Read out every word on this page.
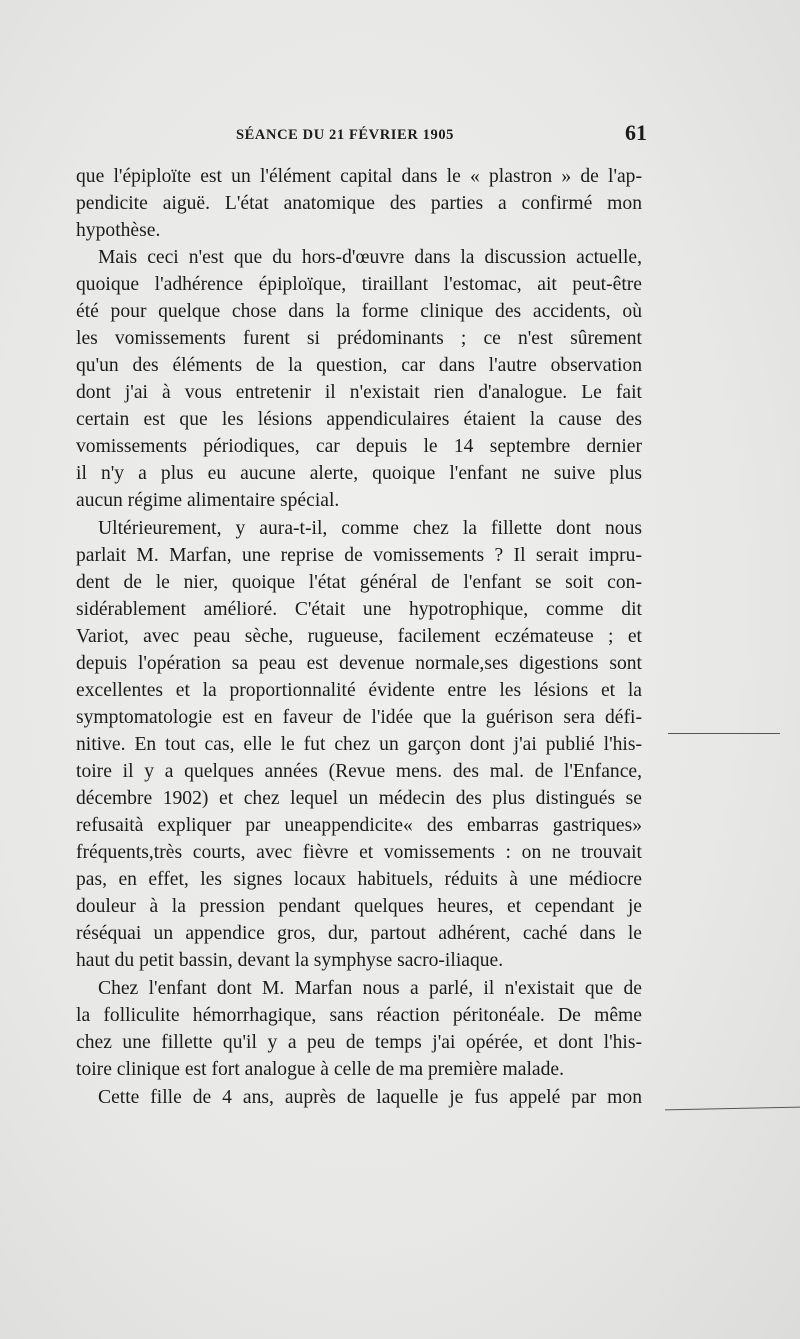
SÉANCE DU 21 FÉVRIER 1905	61
que l'épiploïte est un l'élément capital dans le « plastron » de l'ap-
pendicite aiguë. L'état anatomique des parties a confirmé mon
hypothèse.
Mais ceci n'est que du hors-d'œuvre dans la discussion actuelle,
quoique l'adhérence épiploïque, tiraillant l'estomac, ait peut-être
été pour quelque chose dans la forme clinique des accidents, où
les vomissements furent si prédominants ; ce n'est sûrement
qu'un des éléments de la question, car dans l'autre observation
dont j'ai à vous entretenir il n'existait rien d'analogue. Le fait
certain est que les lésions appendiculaires étaient la cause des
vomissements périodiques, car depuis le 14 septembre dernier
il n'y a plus eu aucune alerte, quoique l'enfant ne suive plus
aucun régime alimentaire spécial.
Ultérieurement, y aura-t-il, comme chez la fillette dont nous
parlait M. Marfan, une reprise de vomissements ? Il serait impru-
dent de le nier, quoique l'état général de l'enfant se soit con-
sidérablement amélioré. C'était une hypotrophique, comme dit
Variot, avec peau sèche, rugueuse, facilement eczémateuse ; et
depuis l'opération sa peau est devenue normale,ses digestions sont
excellentes et la proportionnalité évidente entre les lésions et la
symptomatologie est en faveur de l'idée que la guérison sera défi-
nitive. En tout cas, elle le fut chez un garçon dont j'ai publié l'his-
toire il y a quelques années (Revue mens. des mal. de l'Enfance,
décembre 1902) et chez lequel un médecin des plus distingués se
refusaità expliquer par uneappendicite« des embarras gastriques»
fréquents,très courts, avec fièvre et vomissements : on ne trouvait
pas, en effet, les signes locaux habituels, réduits à une médiocre
douleur à la pression pendant quelques heures, et cependant je
réséquai un appendice gros, dur, partout adhérent, caché dans le
haut du petit bassin, devant la symphyse sacro-iliaque.
Chez l'enfant dont M. Marfan nous a parlé, il n'existait que de
la folliculite hémorrhagique, sans réaction péritonéale. De même
chez une fillette qu'il y a peu de temps j'ai opérée, et dont l'his-
toire clinique est fort analogue à celle de ma première malade.
Cette fille de 4 ans, auprès de laquelle je fus appelé par mon
